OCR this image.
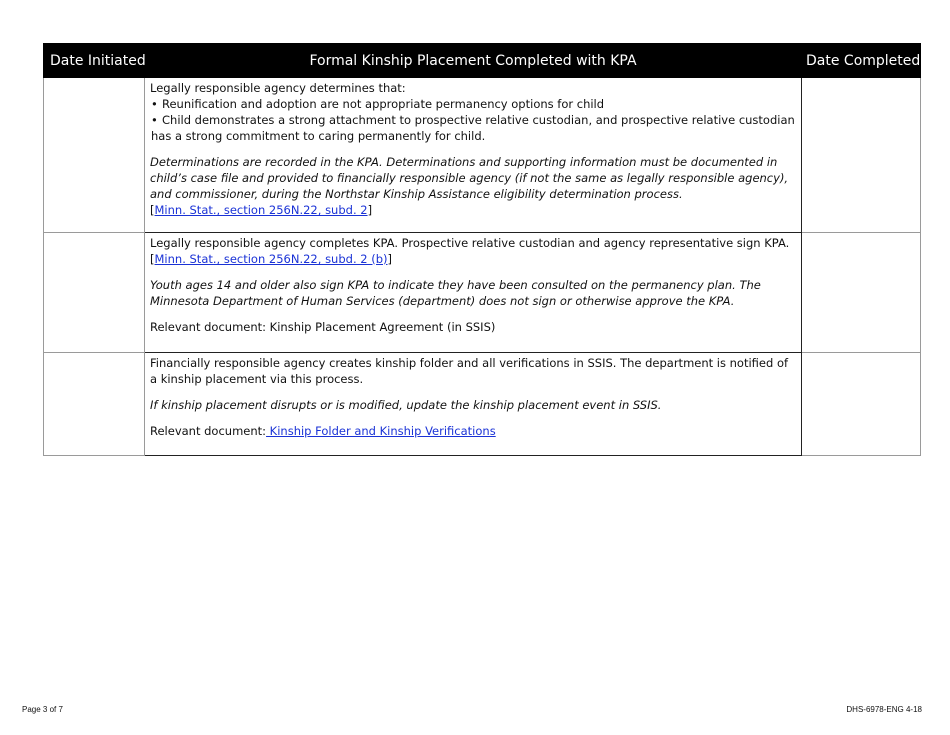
Date Initiated	Formal Kinship Placement Completed with KPA	Date Completed

	Legally responsible agency determines that:
• Reunification and adoption are not appropriate permanency options for child
• Child demonstrates a strong attachment to prospective relative custodian, and prospective relative custodian has a strong commitment to caring permanently for child.
Determinations are recorded in the KPA. Determinations and supporting information must be documented in child’s case file and provided to financially responsible agency (if not the same as legally responsible agency), and commissioner, during the Northstar Kinship Assistance eligibility determination process.
[Minn. Stat., section 256N.22, subd. 2]

	Legally responsible agency completes KPA. Prospective relative custodian and agency representative sign KPA.
[Minn. Stat., section 256N.22, subd. 2 (b)]
Youth ages 14 and older also sign KPA to indicate they have been consulted on the permanency plan. The Minnesota Department of Human Services (department) does not sign or otherwise approve the KPA.
Relevant document: Kinship Placement Agreement (in SSIS)	

	Financially responsible agency creates kinship folder and all verifications in SSIS. The department is notified of a kinship placement via this process.
If kinship placement disrupts or is modified, update the kinship placement event in SSIS.
Relevant document: Kinship Folder and Kinship Verifications	

Page 3 of 7	DHS-6978-ENG 4-18
